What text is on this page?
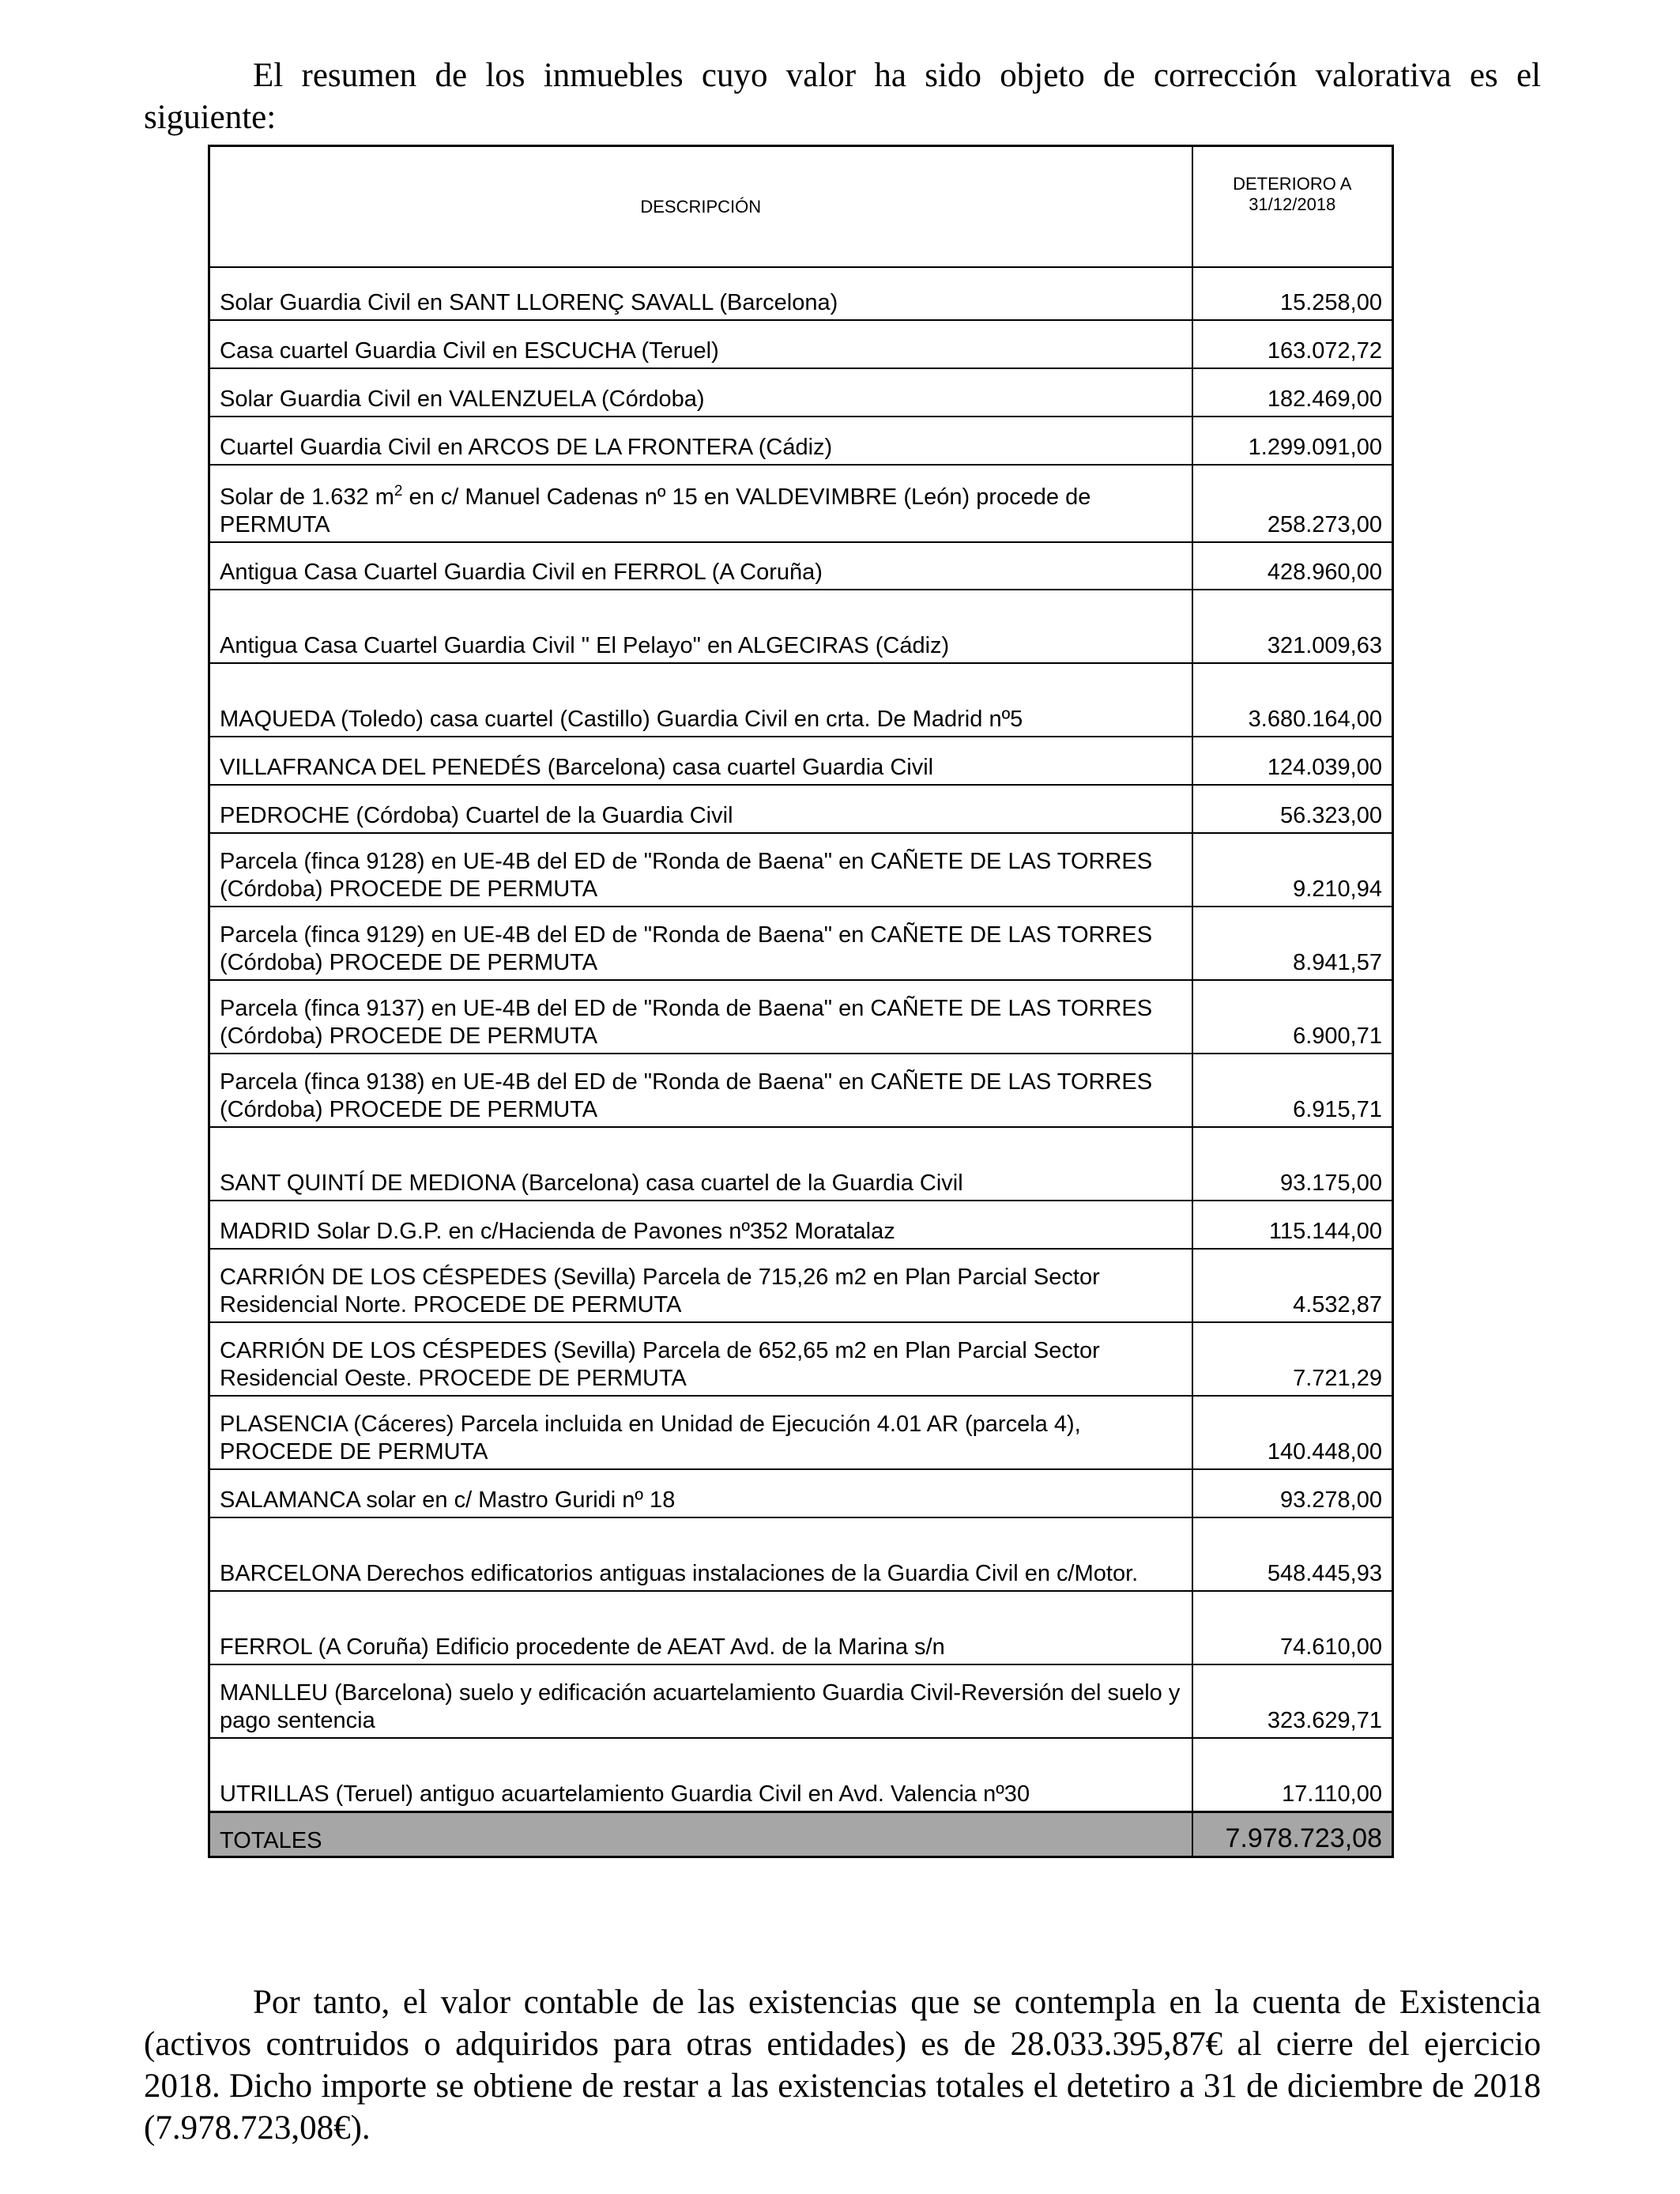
El resumen de los inmuebles cuyo valor ha sido objeto de corrección valorativa es el siguiente:

DESCRIPCIÓN	DETERIORO A
31/12/2018
Solar Guardia Civil en SANT LLORENÇ SAVALL (Barcelona)	15.258,00
Casa cuartel Guardia Civil en ESCUCHA (Teruel)	163.072,72
Solar Guardia Civil en VALENZUELA (Córdoba)	182.469,00
Cuartel Guardia Civil en ARCOS DE LA FRONTERA (Cádiz)	1.299.091,00
Solar de 1.632 $m^2$ en c/ Manuel Cadenas nº 15 en VALDEVIMBRE (León) procede de PERMUTA	258.273,00
Antigua Casa Cuartel Guardia Civil en FERROL (A Coruña)	428.960,00
Antigua Casa Cuartel Guardia Civil " El Pelayo" en ALGECIRAS (Cádiz)	321.009,63
MAQUEDA (Toledo) casa cuartel (Castillo) Guardia Civil en crta. De Madrid nº5	3.680.164,00
VILLAFRANCA DEL PENEDÉS (Barcelona) casa cuartel Guardia Civil	124.039,00
PEDROCHE (Córdoba) Cuartel de la Guardia Civil	56.323,00
Parcela (finca 9128) en UE-4B del ED de "Ronda de Baena" en CAÑETE DE LAS TORRES (Córdoba) PROCEDE DE PERMUTA	9.210,94
Parcela (finca 9129) en UE-4B del ED de "Ronda de Baena" en CAÑETE DE LAS TORRES (Córdoba) PROCEDE DE PERMUTA	8.941,57
Parcela (finca 9137) en UE-4B del ED de "Ronda de Baena" en CAÑETE DE LAS TORRES (Córdoba) PROCEDE DE PERMUTA	6.900,71
Parcela (finca 9138) en UE-4B del ED de "Ronda de Baena" en CAÑETE DE LAS TORRES (Córdoba) PROCEDE DE PERMUTA	6.915,71
SANT QUINTÍ DE MEDIONA (Barcelona) casa cuartel de la Guardia Civil	93.175,00
MADRID Solar D.G.P. en c/Hacienda de Pavones nº352 Moratalaz	115.144,00
CARRIÓN DE LOS CÉSPEDES (Sevilla) Parcela de 715,26 m2 en Plan Parcial Sector Residencial Norte. PROCEDE DE PERMUTA	4.532,87
CARRIÓN DE LOS CÉSPEDES (Sevilla) Parcela de 652,65 m2 en Plan Parcial Sector Residencial Oeste. PROCEDE DE PERMUTA	7.721,29
PLASENCIA (Cáceres) Parcela incluida en Unidad de Ejecución 4.01 AR (parcela 4), PROCEDE DE PERMUTA	140.448,00
SALAMANCA solar en c/ Mastro Guridi nº 18	93.278,00
BARCELONA Derechos edificatorios antiguas instalaciones de la Guardia Civil en c/Motor.	548.445,93
FERROL (A Coruña) Edificio procedente de AEAT Avd. de la Marina s/n	74.610,00
MANLLEU (Barcelona) suelo y edificación acuartelamiento Guardia Civil-Reversión del suelo y pago sentencia	323.629,71
UTRILLAS (Teruel) antiguo acuartelamiento Guardia Civil en Avd. Valencia nº30	17.110,00
TOTALES	7.978.723,08

Por tanto, el valor contable de las existencias que se contempla en la cuenta de Existencia (activos contruidos o adquiridos para otras entidades) es de 28.033.395,87€ al cierre del ejercicio 2018. Dicho importe se obtiene de restar a las existencias totales el detetiro a 31 de diciembre de 2018 (7.978.723,08€).
